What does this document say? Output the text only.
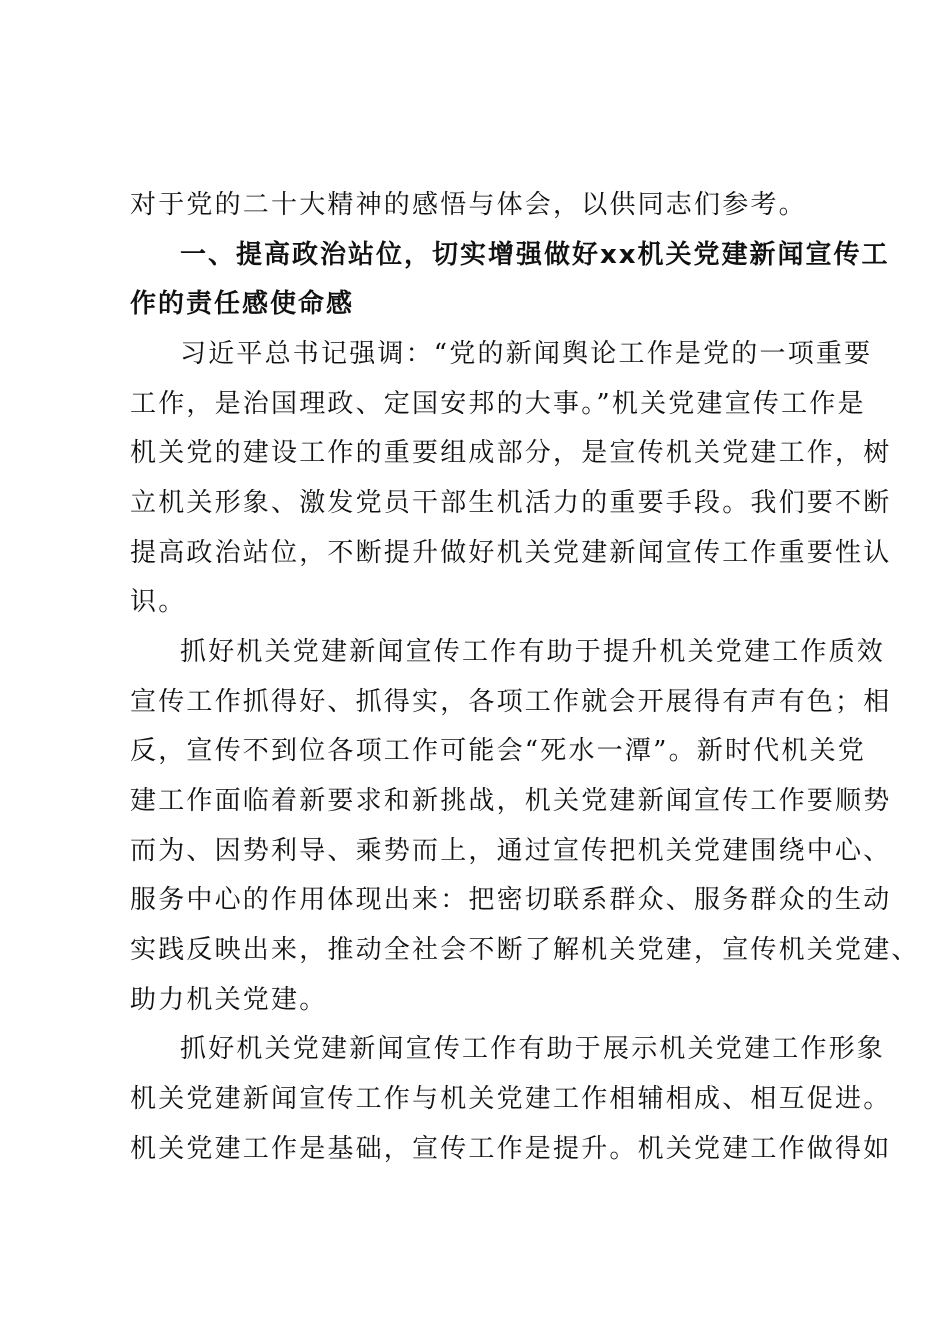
对于党的二十大精神的感悟与体会，以供同志们参考。
一、提高政治站位，切实增强做好xx机关党建新闻宣传工
作的责任感使命感
习近平总书记强调：“党的新闻舆论工作是党的一项重要
工作，是治国理政、定国安邦的大事。”机关党建宣传工作是
机关党的建设工作的重要组成部分，是宣传机关党建工作，树
立机关形象、激发党员干部生机活力的重要手段。我们要不断
提高政治站位，不断提升做好机关党建新闻宣传工作重要性认
识。
抓好机关党建新闻宣传工作有助于提升机关党建工作质效
宣传工作抓得好、抓得实，各项工作就会开展得有声有色；相
反，宣传不到位各项工作可能会“死水一潭”。新时代机关党
建工作面临着新要求和新挑战，机关党建新闻宣传工作要顺势
而为、因势利导、乘势而上，通过宣传把机关党建围绕中心、
服务中心的作用体现出来：把密切联系群众、服务群众的生动
实践反映出来，推动全社会不断了解机关党建，宣传机关党建、
助力机关党建。
抓好机关党建新闻宣传工作有助于展示机关党建工作形象
机关党建新闻宣传工作与机关党建工作相辅相成、相互促进。
机关党建工作是基础，宣传工作是提升。机关党建工作做得如
